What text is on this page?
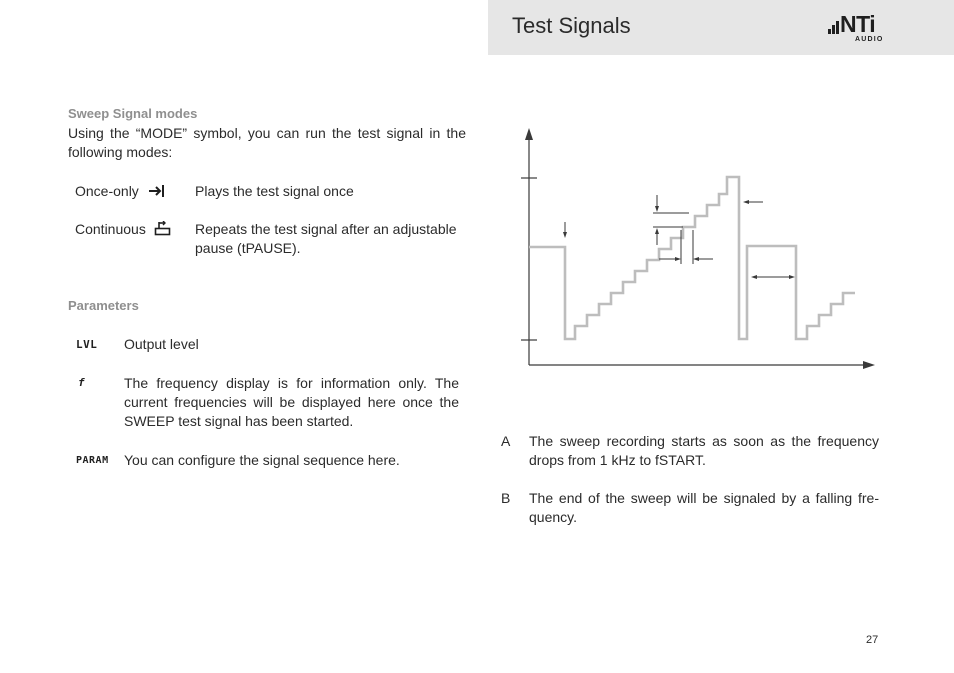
Test Signals	NTi
AUDIO
Sweep Signal modes
Using the “MODE” symbol, you can run the test signal in the following modes:
Once-only	Plays the test signal once
Continuous	Repeats the test signal after an adjustable pause (tPAUSE).
Parameters
LVL Output level
f	The frequency display is for information only. The current frequencies will be displayed here once the SWEEP test signal has been started.
PARAM You can configure the signal sequence here.
A The sweep recording starts as soon as the frequency drops from 1 kHz to fSTART.
B The end of the sweep will be signaled by a falling fre-quency.
27
